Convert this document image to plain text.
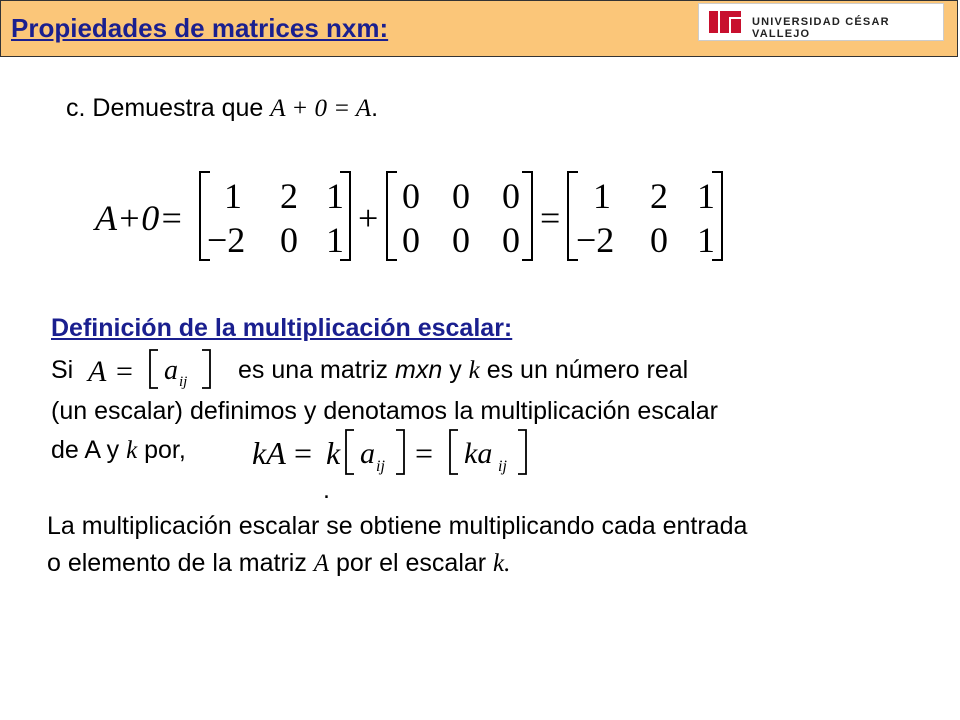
Propiedades de matrices nxm:	UNIVERSIDAD CÉSAR VALLEJO
c. Demuestra que A + 0 = A.
A+0=
1 2 1
−2 0 1
+
0 0 0
0 0 0
=
1 2 1
−2 0 1
Definición de la multiplicación escalar:
Si A = a ij es una matriz mxn y k es un número real
(un escalar) definimos y denotamos la multiplicación escalar
de A y k por, kA = k a ij = ka ij
.
La multiplicación escalar se obtiene multiplicando cada entrada
o elemento de la matriz A por el escalar k.
